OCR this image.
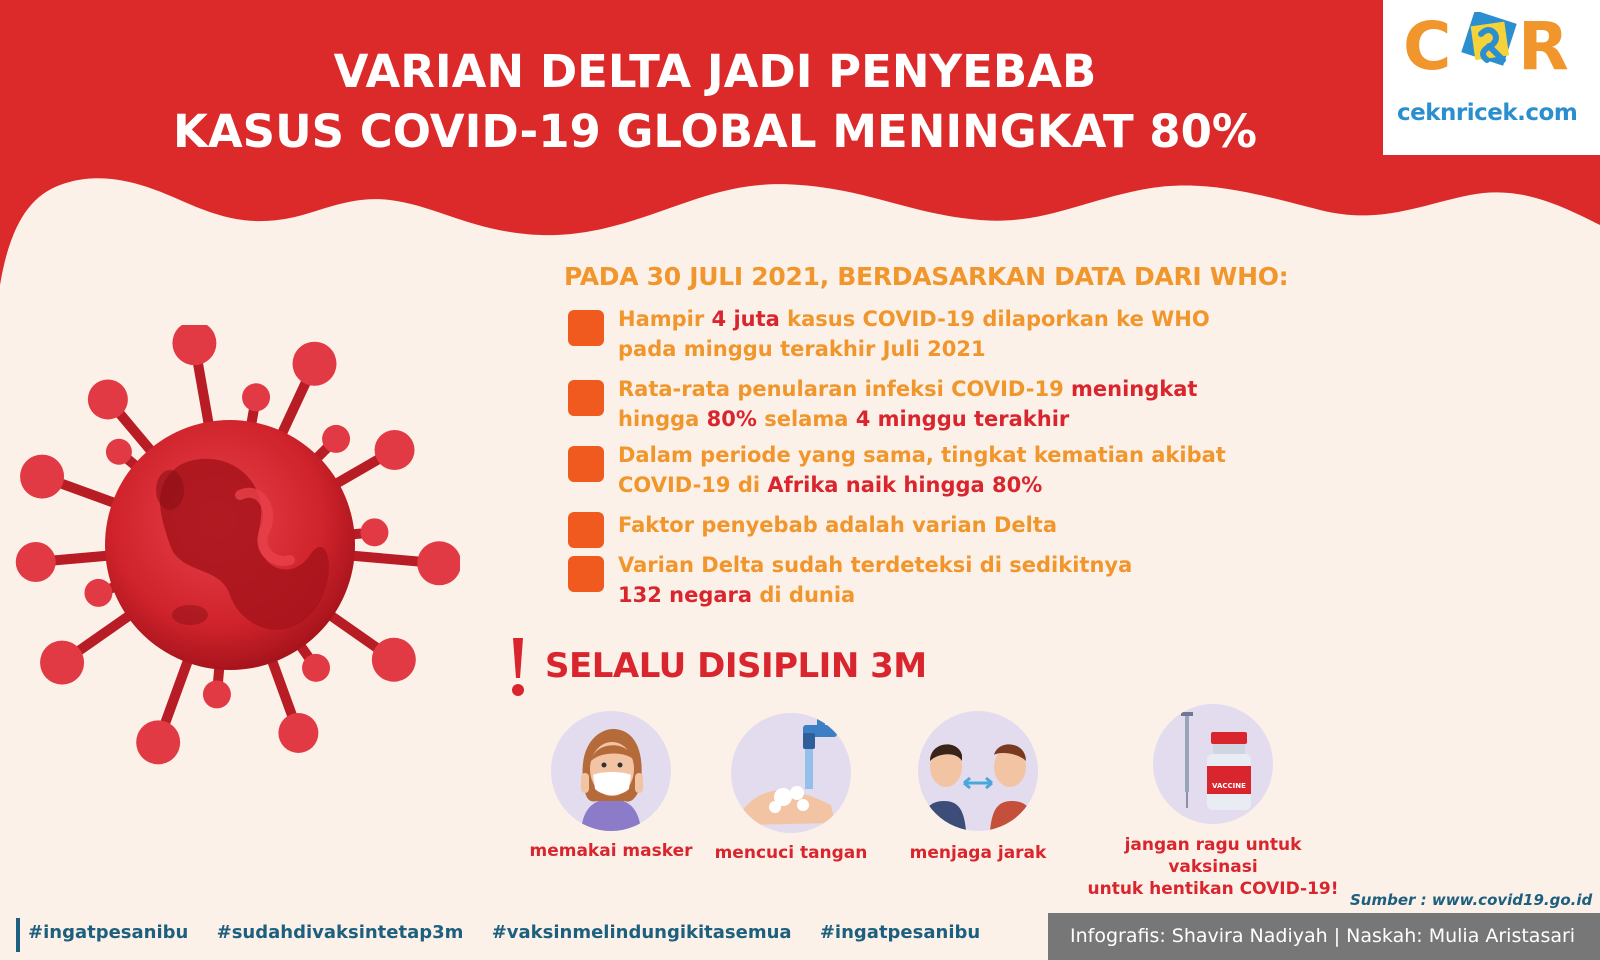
VARIAN DELTA JADI PENYEBAB
KASUS COVID-19 GLOBAL MENINGKAT 80%
C R
ceknricek.com
PADA 30 JULI 2021, BERDASARKAN DATA DARI WHO:
Hampir 4 juta kasus COVID-19 dilaporkan ke WHO
pada minggu terakhir Juli 2021
Rata-rata penularan infeksi COVID-19 meningkat
hingga 80% selama 4 minggu terakhir
Dalam periode yang sama, tingkat kematian akibat
COVID-19 di Afrika naik hingga 80%
Faktor penyebab adalah varian Delta
Varian Delta sudah terdeteksi di sedikitnya
132 negara di dunia
SELALU DISIPLIN 3M
memakai masker	mencuci tangan	menjaga jarak
VACCINE
jangan ragu untuk vaksinasi
untuk hentikan COVID-19!
Sumber : www.covid19.go.id
#ingatpesanibu #sudahdivaksintetap3m #vaksinmelindungikitasemua #ingatpesanibu	Infografis: Shavira Nadiyah | Naskah: Mulia Aristasari
